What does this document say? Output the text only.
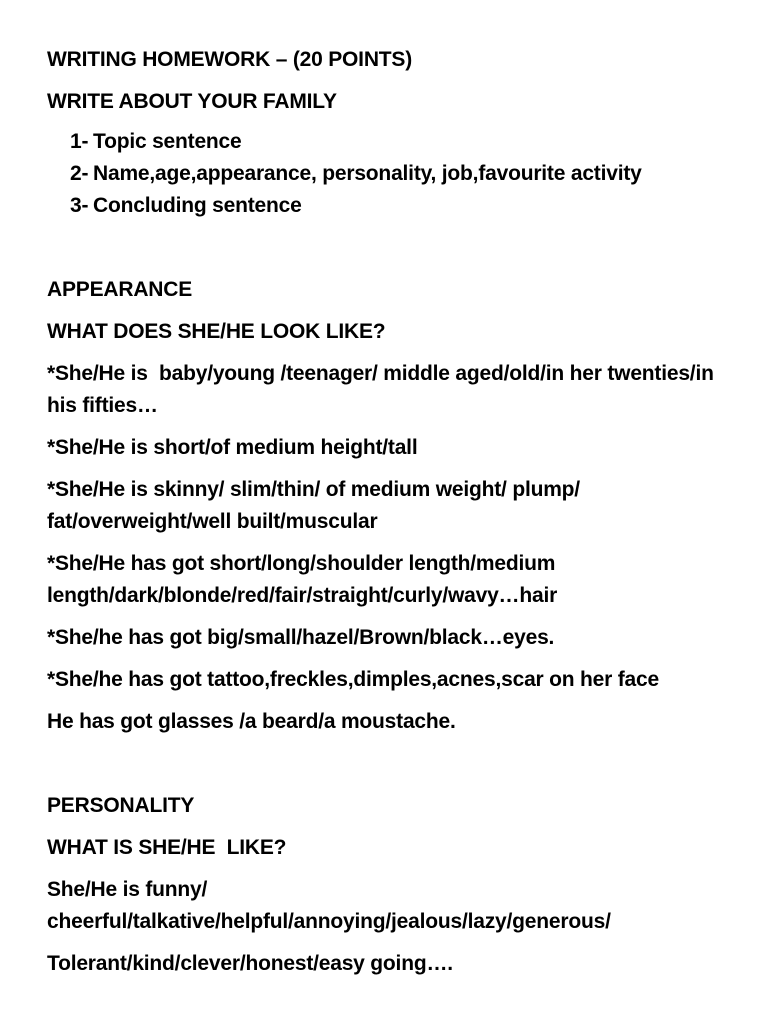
WRITING HOMEWORK – (20 POINTS)

WRITE ABOUT YOUR FAMILY

1- Topic sentence
2- Name,age,appearance, personality, job,favourite activity
3- Concluding sentence

APPEARANCE

WHAT DOES SHE/HE LOOK LIKE?

*She/He is  baby/young /teenager/ middle aged/old/in her twenties/in his fifties…

*She/He is short/of medium height/tall

*She/He is skinny/ slim/thin/ of medium weight/ plump/ fat/overweight/well built/muscular

*She/He has got short/long/shoulder length/medium length/dark/blonde/red/fair/straight/curly/wavy…hair

*She/he has got big/small/hazel/Brown/black…eyes.

*She/he has got tattoo,freckles,dimples,acnes,scar on her face

He has got glasses /a beard/a moustache.

PERSONALITY

WHAT IS SHE/HE  LIKE?

She/He is funny/ cheerful/talkative/helpful/annoying/jealous/lazy/generous/

Tolerant/kind/clever/honest/easy going….
